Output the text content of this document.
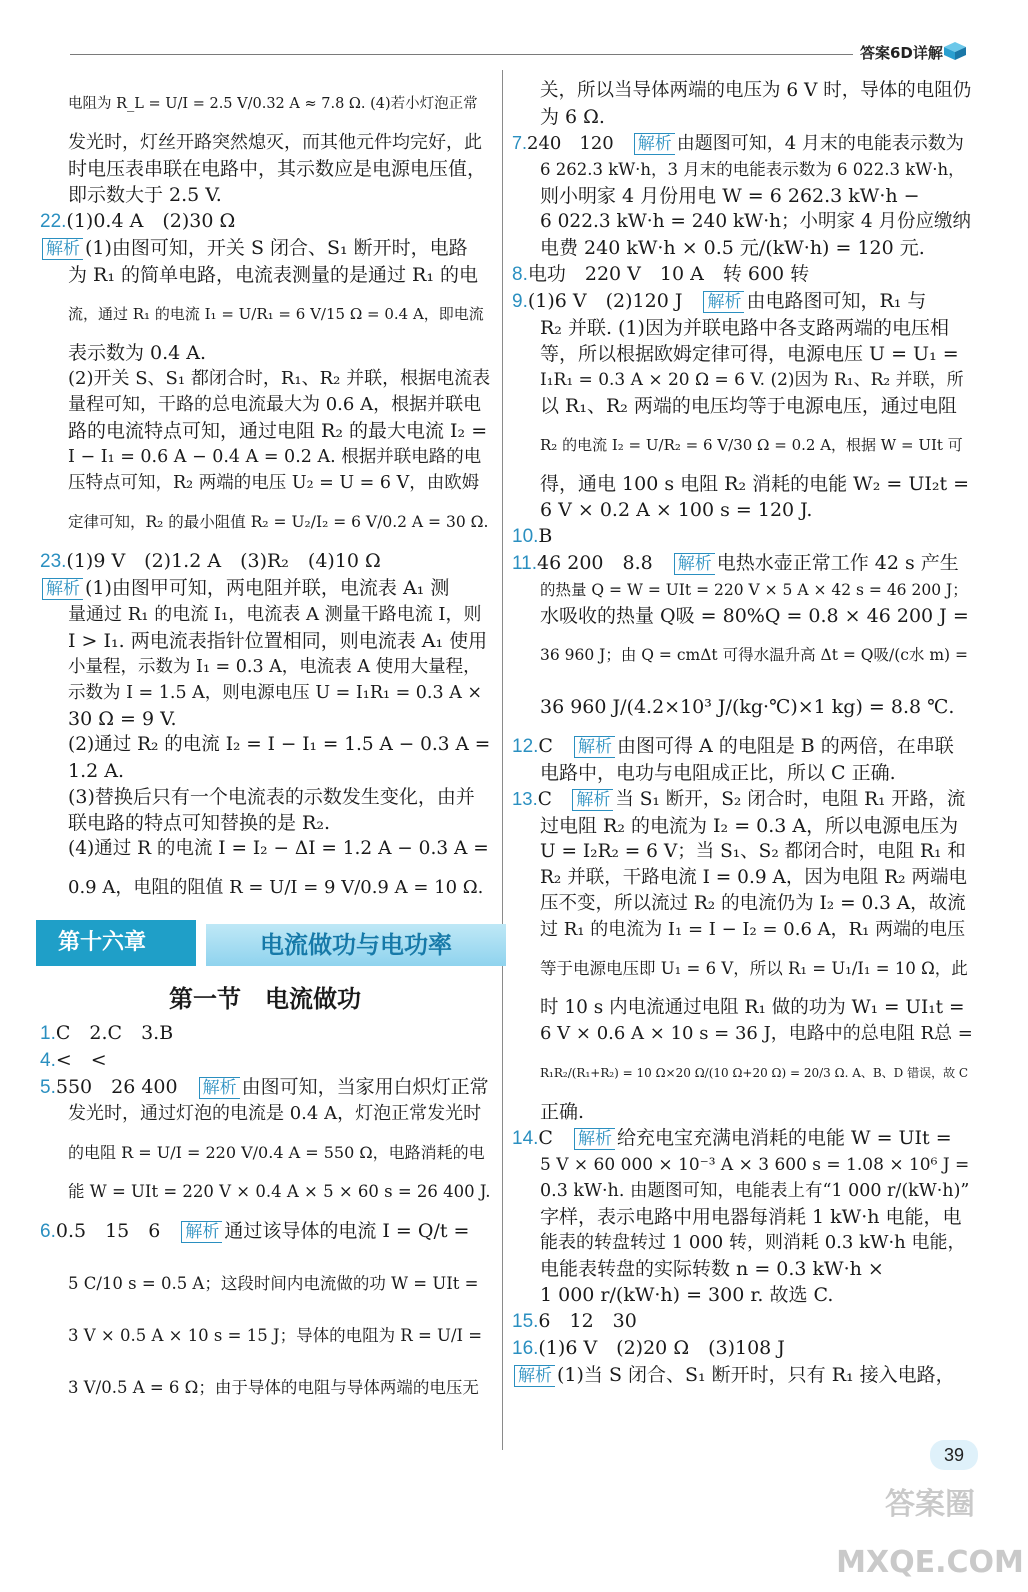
答案6D详解
电阻为 R_L = U/I = 2.5 V/0.32 A ≈ 7.8 Ω. (4)若小灯泡正常
发光时，灯丝开路突然熄灭，而其他元件均完好，此
时电压表串联在电路中，其示数应是电源电压值，
即示数大于 2.5 V.
22.(1)0.4 A　(2)30 Ω
解析 (1)由图可知，开关 S 闭合、S₁ 断开时，电路
为 R₁ 的简单电路，电流表测量的是通过 R₁ 的电
流，通过 R₁ 的电流 I₁ = U/R₁ = 6 V/15 Ω = 0.4 A，即电流
表示数为 0.4 A.
(2)开关 S、S₁ 都闭合时，R₁、R₂ 并联，根据电流表
量程可知，干路的总电流最大为 0.6 A，根据并联电
路的电流特点可知，通过电阻 R₂ 的最大电流 I₂ =
I − I₁ = 0.6 A − 0.4 A = 0.2 A. 根据并联电路的电
压特点可知，R₂ 两端的电压 U₂ = U = 6 V，由欧姆
定律可知，R₂ 的最小阻值 R₂ = U₂/I₂ = 6 V/0.2 A = 30 Ω.
23.(1)9 V　(2)1.2 A　(3)R₂　(4)10 Ω
解析 (1)由图甲可知，两电阻并联，电流表 A₁ 测
量通过 R₁ 的电流 I₁，电流表 A 测量干路电流 I，则
I > I₁. 两电流表指针位置相同，则电流表 A₁ 使用
小量程，示数为 I₁ = 0.3 A，电流表 A 使用大量程，
示数为 I = 1.5 A，则电源电压 U = I₁R₁ = 0.3 A ×
30 Ω = 9 V.
(2)通过 R₂ 的电流 I₂ = I − I₁ = 1.5 A − 0.3 A =
1.2 A.
(3)替换后只有一个电流表的示数发生变化，由并
联电路的特点可知替换的是 R₂.
(4)通过 R 的电流 I = I₂ − ΔI = 1.2 A − 0.3 A =
0.9 A，电阻的阻值 R = U/I = 9 V/0.9 A = 10 Ω.
第十六章	电流做功与电功率
第一节　电流做功
1.C　2.C　3.B
4.<　<
5.550　26 400　解析 由图可知，当家用白炽灯正常
发光时，通过灯泡的电流是 0.4 A，灯泡正常发光时
的电阻 R = U/I = 220 V/0.4 A = 550 Ω，电路消耗的电
能 W = UIt = 220 V × 0.4 A × 5 × 60 s = 26 400 J.
6.0.5　15　6　解析 通过该导体的电流 I = Q/t =
5 C/10 s = 0.5 A；这段时间内电流做的功 W = UIt =
3 V × 0.5 A × 10 s = 15 J；导体的电阻为 R = U/I =
3 V/0.5 A = 6 Ω；由于导体的电阻与导体两端的电压无
关，所以当导体两端的电压为 6 V 时，导体的电阻仍
为 6 Ω.
7.240　120　解析 由题图可知，4 月末的电能表示数为
6 262.3 kW·h，3 月末的电能表示数为 6 022.3 kW·h，
则小明家 4 月份用电 W = 6 262.3 kW·h −
6 022.3 kW·h = 240 kW·h；小明家 4 月份应缴纳
电费 240 kW·h × 0.5 元/(kW·h) = 120 元.
8.电功　220 V　10 A　转 600 转
9.(1)6 V　(2)120 J　解析 由电路图可知，R₁ 与
R₂ 并联. (1)因为并联电路中各支路两端的电压相
等，所以根据欧姆定律可得，电源电压 U = U₁ =
I₁R₁ = 0.3 A × 20 Ω = 6 V. (2)因为 R₁、R₂ 并联，所
以 R₁、R₂ 两端的电压均等于电源电压，通过电阻
R₂ 的电流 I₂ = U/R₂ = 6 V/30 Ω = 0.2 A，根据 W = UIt 可
得，通电 100 s 电阻 R₂ 消耗的电能 W₂ = UI₂t =
6 V × 0.2 A × 100 s = 120 J.
10.B
11.46 200　8.8　解析 电热水壶正常工作 42 s 产生
的热量 Q = W = UIt = 220 V × 5 A × 42 s = 46 200 J；
水吸收的热量 Q吸 = 80%Q = 0.8 × 46 200 J =
36 960 J；由 Q = cmΔt 可得水温升高 Δt = Q吸/(c水 m) =
36 960 J/(4.2×10³ J/(kg·℃)×1 kg) = 8.8 ℃.
12.C　解析 由图可得 A 的电阻是 B 的两倍，在串联
电路中，电功与电阻成正比，所以 C 正确.
13.C　解析 当 S₁ 断开，S₂ 闭合时，电阻 R₁ 开路，流
过电阻 R₂ 的电流为 I₂ = 0.3 A，所以电源电压为
U = I₂R₂ = 6 V；当 S₁、S₂ 都闭合时，电阻 R₁ 和
R₂ 并联，干路电流 I = 0.9 A，因为电阻 R₂ 两端电
压不变，所以流过 R₂ 的电流仍为 I₂ = 0.3 A，故流
过 R₁ 的电流为 I₁ = I − I₂ = 0.6 A，R₁ 两端的电压
等于电源电压即 U₁ = 6 V，所以 R₁ = U₁/I₁ = 10 Ω，此
时 10 s 内电流通过电阻 R₁ 做的功为 W₁ = UI₁t =
6 V × 0.6 A × 10 s = 36 J，电路中的总电阻 R总 =
R₁R₂/(R₁+R₂) = 10 Ω×20 Ω/(10 Ω+20 Ω) = 20/3 Ω. A、B、D 错误，故 C
正确.
14.C　解析 给充电宝充满电消耗的电能 W = UIt =
5 V × 60 000 × 10⁻³ A × 3 600 s = 1.08 × 10⁶ J =
0.3 kW·h. 由题图可知，电能表上有“1 000 r/(kW·h)”
字样，表示电路中用电器每消耗 1 kW·h 电能，电
能表的转盘转过 1 000 转，则消耗 0.3 kW·h 电能，
电能表转盘的实际转数 n = 0.3 kW·h ×
1 000 r/(kW·h) = 300 r. 故选 C.
15.6　12　30
16.(1)6 V　(2)20 Ω　(3)108 J
解析 (1)当 S 闭合、S₁ 断开时，只有 R₁ 接入电路，
39
答案圈 MXQE.COM
